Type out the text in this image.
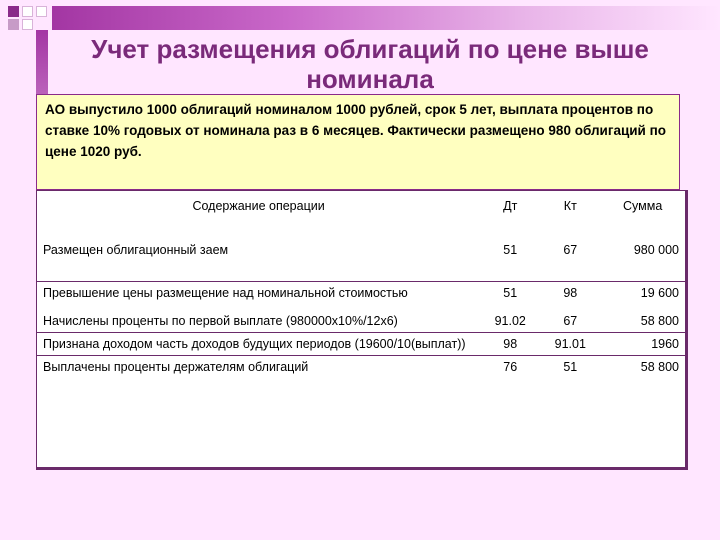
Учет размещения облигаций по цене выше номинала
АО выпустило 1000 облигаций номиналом 1000 рублей, срок 5 лет, выплата процентов по ставке 10% годовых от номинала раз в 6 месяцев. Фактически размещено 980 облигаций по цене 1020 руб.
Содержание операции	Дт	Кт	Сумма
Размещен облигационный заем	51	67	980 000
Превышение цены размещение над номинальной стоимостью	51	98	19 600
Начислены проценты по первой выплате (980000х10%/12х6)	91.02	67	58 800
Признана доходом часть доходов будущих периодов (19600/10(выплат))	98	91.01	1960
Выплачены проценты держателям облигаций	76	51	58 800
